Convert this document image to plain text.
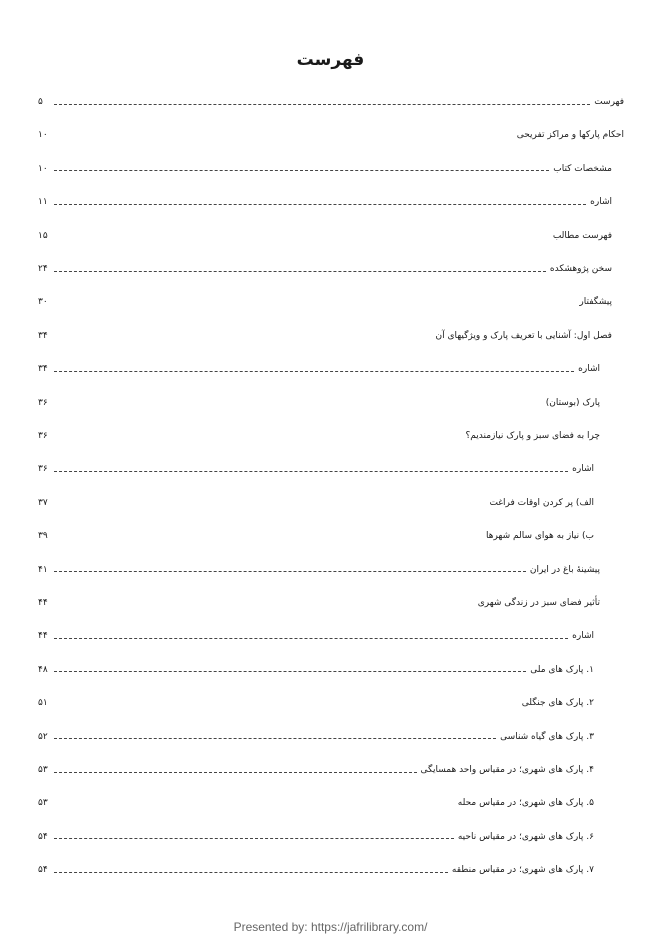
فهرست
فهرست
۵
احکام پارکها و مراکز تفریحی
۱۰
مشخصات کتاب
۱۰
اشاره
۱۱
فهرست مطالب
۱۵
سخن پژوهشکده
۲۴
پیشگفتار
۳۰
فصل اول: آشنایی با تعریف پارک و ویژگیهای آن
۳۴
اشاره
۳۴
پارک (بوستان)
۳۶
چرا به فضای سبز و پارک نیازمندیم؟
۳۶
اشاره
۳۶
الف) پر کردن اوقات فراغت
۳۷
ب) نیاز به هوای سالم شهرها
۳۹
پیشینهٔ باغ در ایران
۴۱
تأثیر فضای سبز در زندگی شهری
۴۴
اشاره
۴۴
۱. پارک های ملی
۴۸
۲. پارک های جنگلی
۵۱
۳. پارک های گیاه شناسی
۵۲
۴. پارک های شهری؛ در مقیاس واحد همسایگی
۵۳
۵. پارک های شهری؛ در مقیاس محله
۵۳
۶. پارک های شهری؛ در مقیاس ناحیه
۵۴
۷. پارک های شهری؛ در مقیاس منطقه
۵۴
Presented by: https://jafrilibrary.com/
